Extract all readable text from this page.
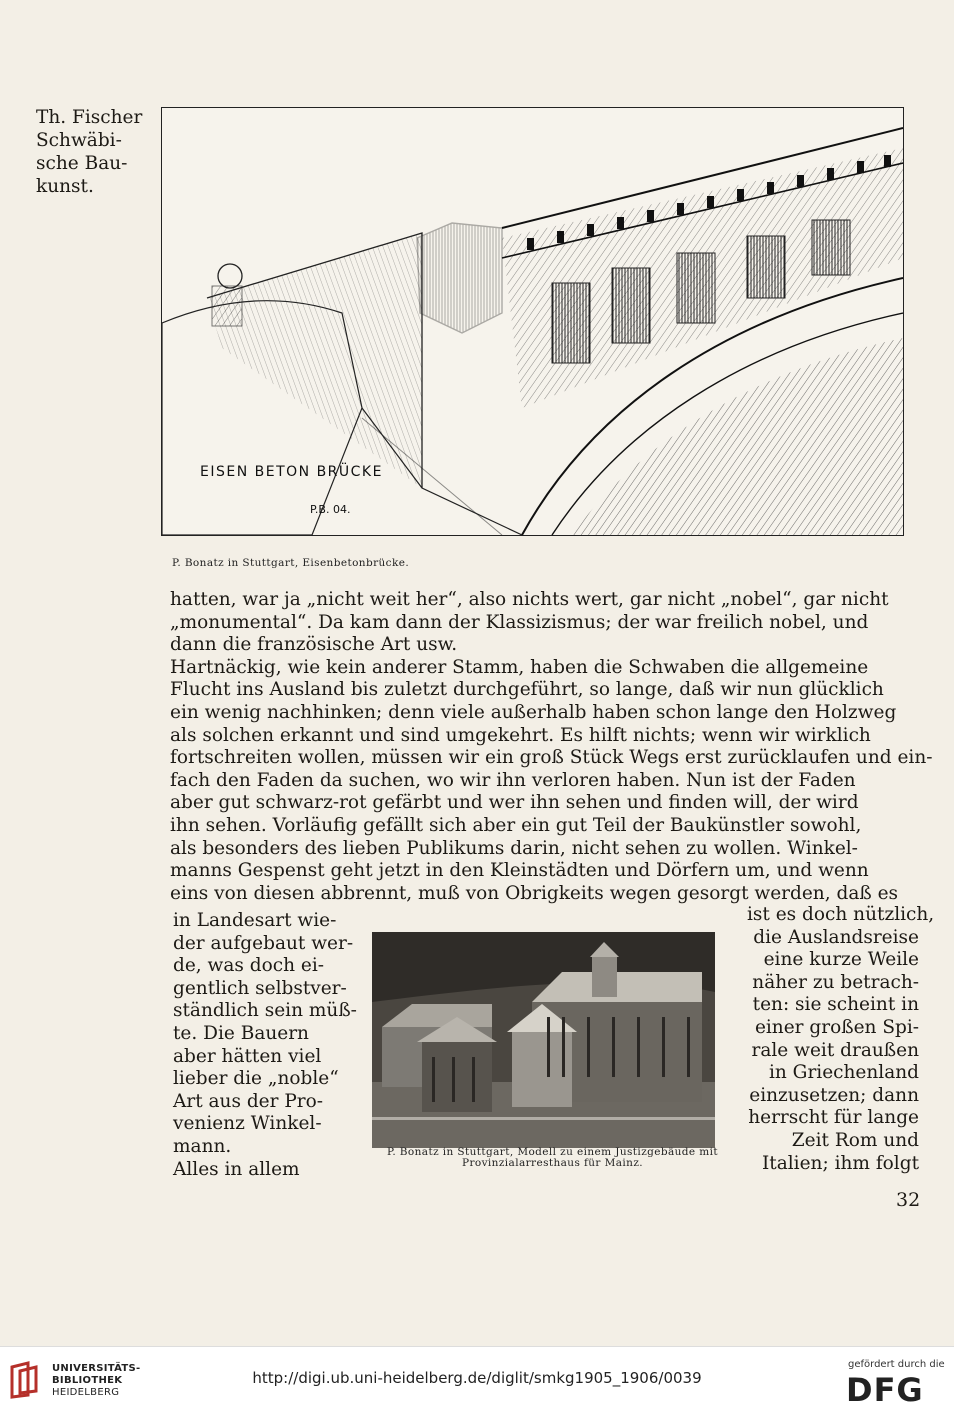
Th. Fischer
Schwäbi-
sche Bau-
kunst.
EISEN BETON BRÜCKE
P.B. 04.
P. Bonatz in Stuttgart, Eisenbetonbrücke.
hatten, war ja „nicht weit her“, also nichts wert, gar nicht „nobel“, gar nicht
„monumental“. Da kam dann der Klassizismus; der war freilich nobel, und
dann die französische Art usw.
Hartnäckig, wie kein anderer Stamm, haben die Schwaben die allgemeine
Flucht ins Ausland bis zuletzt durchgeführt, so lange, daß wir nun glücklich
ein wenig nachhinken; denn viele außerhalb haben schon lange den Holzweg
als solchen erkannt und sind umgekehrt. Es hilft nichts; wenn wir wirklich
fortschreiten wollen, müssen wir ein groß Stück Wegs erst zurücklaufen und ein-
fach den Faden da suchen, wo wir ihn verloren haben. Nun ist der Faden
aber gut schwarz-rot gefärbt und wer ihn sehen und finden will, der wird
ihn sehen. Vorläufig gefällt sich aber ein gut Teil der Baukünstler sowohl,
als besonders des lieben Publikums darin, nicht sehen zu wollen. Winkel-
manns Gespenst geht jetzt in den Kleinstädten und Dörfern um, und wenn
eins von diesen abbrennt, muß von Obrigkeits wegen gesorgt werden, daß es
in Landesart wie-
der aufgebaut wer-
de, was doch ei-
gentlich selbstver-
ständlich sein müß-
te. Die Bauern
aber hätten viel
lieber die „noble“
Art aus der Pro-
venienz Winkel-
mann.
Alles in allem
P. Bonatz in Stuttgart, Modell zu einem Justizgebäude mit
Provinzialarresthaus für Mainz.
ist es doch nützlich,
die Auslandsreise
eine kurze Weile
näher zu betrach-
ten: sie scheint in
einer großen Spi-
rale weit draußen
in Griechenland
einzusetzen; dann
herrscht für lange
Zeit Rom und
Italien; ihm folgt
32
UNIVERSITÄTS-
BIBLIOTHEK
HEIDELBERG
http://digi.ub.uni-heidelberg.de/diglit/smkg1905_1906/0039
gefördert durch die
DFG
